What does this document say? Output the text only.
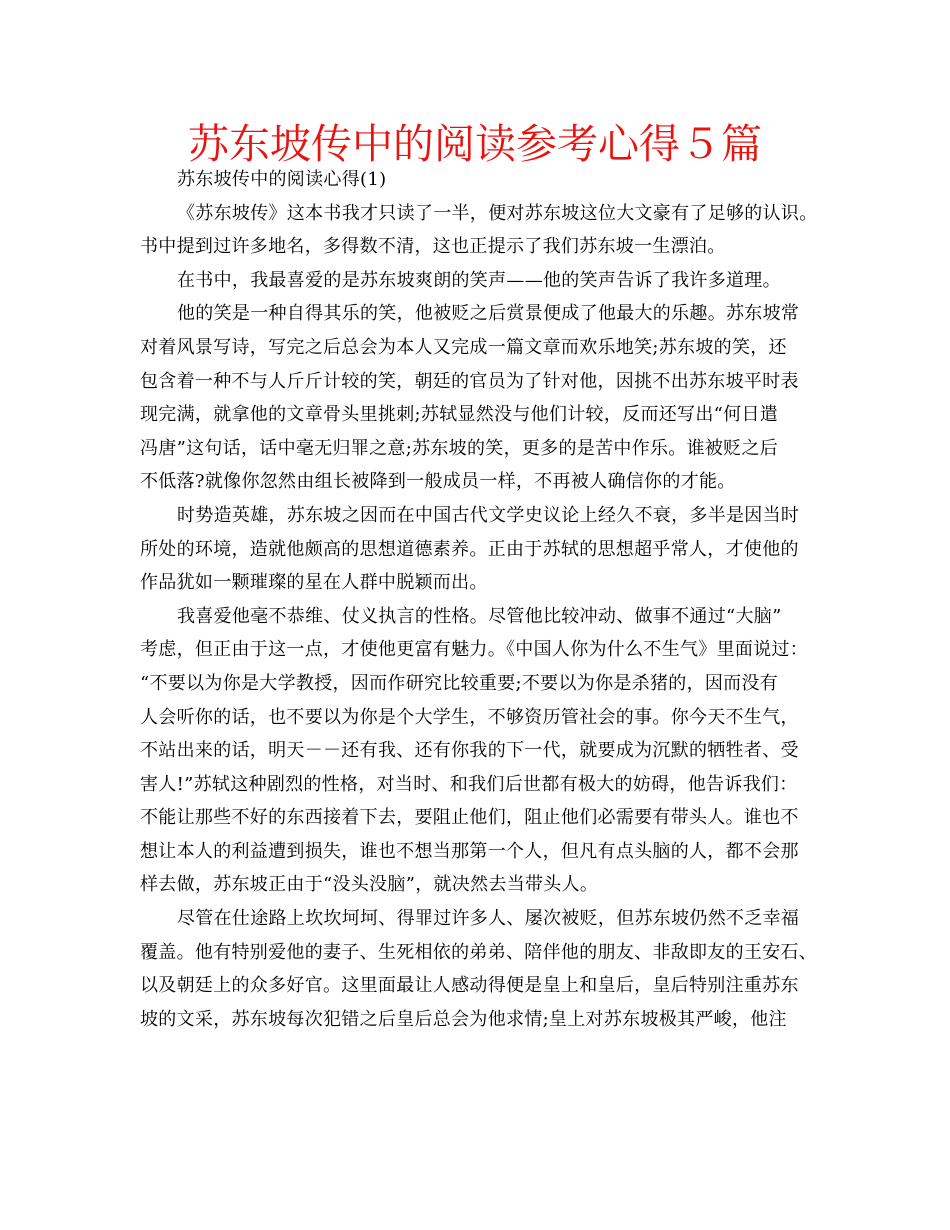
苏东坡传中的阅读参考心得５篇
苏东坡传中的阅读心得(1)
《苏东坡传》这本书我才只读了一半，便对苏东坡这位大文豪有了足够的认识。
书中提到过许多地名，多得数不清，这也正提示了我们苏东坡一生漂泊。
在书中，我最喜爱的是苏东坡爽朗的笑声——他的笑声告诉了我许多道理。
他的笑是一种自得其乐的笑，他被贬之后赏景便成了他最大的乐趣。苏东坡常
对着风景写诗，写完之后总会为本人又完成一篇文章而欢乐地笑;苏东坡的笑，还
包含着一种不与人斤斤计较的笑，朝廷的官员为了针对他，因挑不出苏东坡平时表
现完满，就拿他的文章骨头里挑刺;苏轼显然没与他们计较，反而还写出“何日遣
冯唐”这句话，话中毫无归罪之意;苏东坡的笑，更多的是苦中作乐。谁被贬之后
不低落?就像你忽然由组长被降到一般成员一样，不再被人确信你的才能。
时势造英雄，苏东坡之因而在中国古代文学史议论上经久不衰，多半是因当时
所处的环境，造就他颇高的思想道德素养。正由于苏轼的思想超乎常人，才使他的
作品犹如一颗璀璨的星在人群中脱颖而出。
我喜爱他毫不恭维、仗义执言的性格。尽管他比较冲动、做事不通过“大脑”
考虑，但正由于这一点，才使他更富有魅力。《中国人你为什么不生气》里面说过：
“不要以为你是大学教授，因而作研究比较重要;不要以为你是杀猪的，因而没有
人会听你的话，也不要以为你是个大学生，不够资历管社会的事。你今天不生气，
不站出来的话，明天－－还有我、还有你我的下一代，就要成为沉默的牺牲者、受
害人!”苏轼这种剧烈的性格，对当时、和我们后世都有极大的妨碍，他告诉我们：
不能让那些不好的东西接着下去，要阻止他们，阻止他们必需要有带头人。谁也不
想让本人的利益遭到损失，谁也不想当那第一个人，但凡有点头脑的人，都不会那
样去做，苏东坡正由于“没头没脑”，就决然去当带头人。
尽管在仕途路上坎坎坷坷、得罪过许多人、屡次被贬，但苏东坡仍然不乏幸福
覆盖。他有特别爱他的妻子、生死相依的弟弟、陪伴他的朋友、非敌即友的王安石、
以及朝廷上的众多好官。这里面最让人感动得便是皇上和皇后，皇后特别注重苏东
坡的文采，苏东坡每次犯错之后皇后总会为他求情;皇上对苏东坡极其严峻，他注
